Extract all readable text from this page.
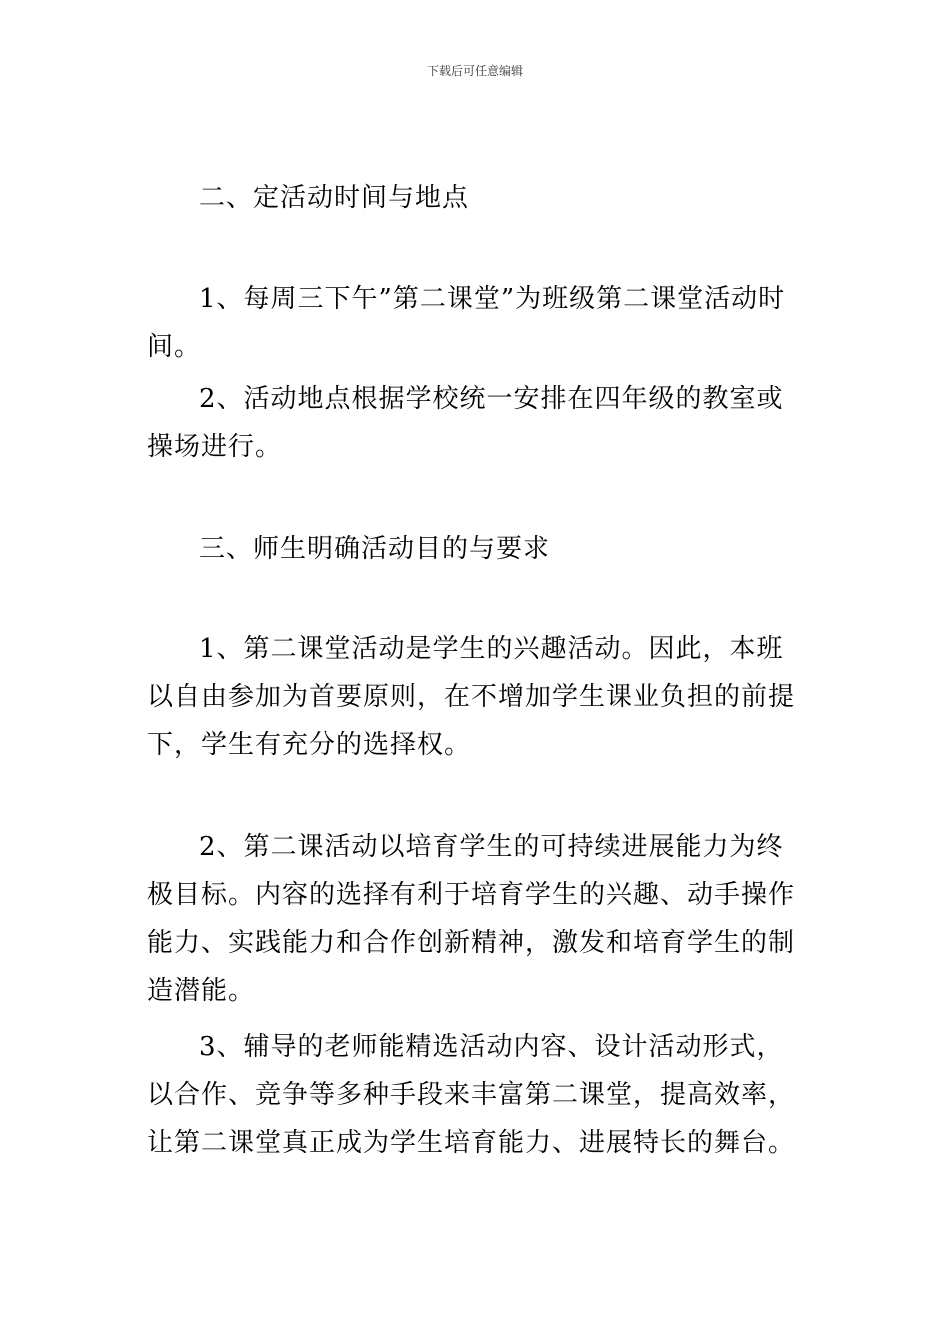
下载后可任意编辑

二、定活动时间与地点

1、每周三下午”第二课堂”为班级第二课堂活动时间。

2、活动地点根据学校统一安排在四年级的教室或操场进行。

三、师生明确活动目的与要求

1、第二课堂活动是学生的兴趣活动。因此，本班以自由参加为首要原则，在不增加学生课业负担的前提下，学生有充分的选择权。

2、第二课活动以培育学生的可持续进展能力为终极目标。内容的选择有利于培育学生的兴趣、动手操作能力、实践能力和合作创新精神，激发和培育学生的制造潜能。

3、辅导的老师能精选活动内容、设计活动形式，以合作、竞争等多种手段来丰富第二课堂，提高效率，让第二课堂真正成为学生培育能力、进展特长的舞台。
